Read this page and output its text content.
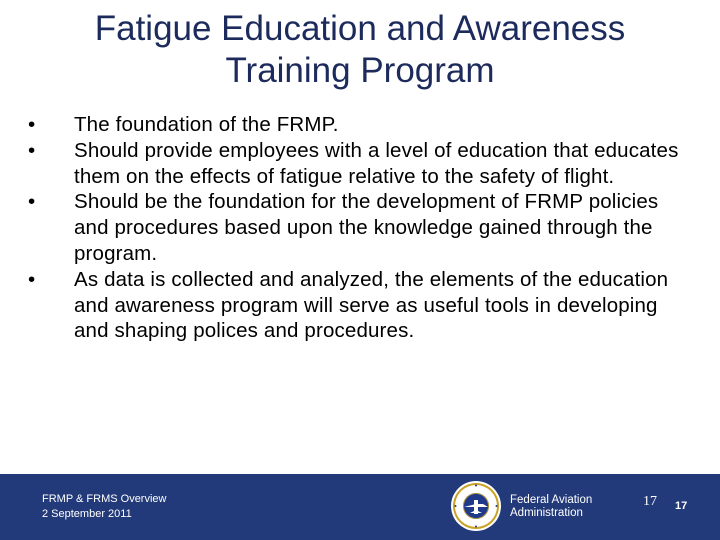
Fatigue Education and Awareness
Training Program
•	The foundation of the FRMP.
•	Should provide employees with a level of education that educates them on the effects of fatigue relative to the safety of flight.
•	Should be the foundation for the development of FRMP policies and procedures based upon the knowledge gained through the program.
•	As data is collected and analyzed, the elements of the education and awareness program will serve as useful tools in developing and shaping polices and procedures.
FRMP & FRMS Overview
2 September 2011
Federal Aviation
Administration
17 17
